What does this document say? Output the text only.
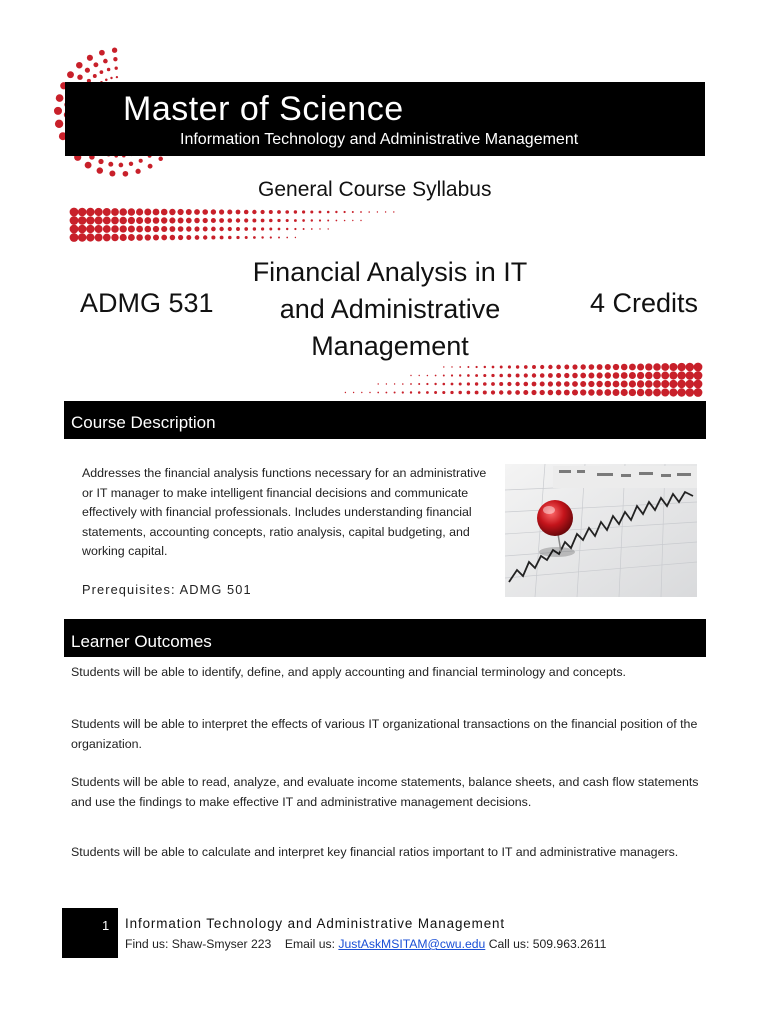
Master of Science
Information Technology and Administrative Management
General Course Syllabus
ADMG 531
Financial Analysis in IT and Administrative Management
4 Credits
Course Description
Addresses the financial analysis functions necessary for an administrative or IT manager to make intelligent financial decisions and communicate effectively with financial professionals. Includes understanding financial statements, accounting concepts, ratio analysis, capital budgeting, and working capital.
Prerequisites: ADMG 501
Learner Outcomes
Students will be able to identify, define, and apply accounting and financial terminology and concepts.
Students will be able to interpret the effects of various IT organizational transactions on the financial position of the organization.
Students will be able to read, analyze, and evaluate income statements, balance sheets, and cash flow statements and use the findings to make effective IT and administrative management decisions.
Students will be able to calculate and interpret key financial ratios important to IT and administrative managers.
1 Information Technology and Administrative Management
Find us: Shaw-Smyser 223 Email us: JustAskMSITAM@cwu.edu Call us: 509.963.2611
